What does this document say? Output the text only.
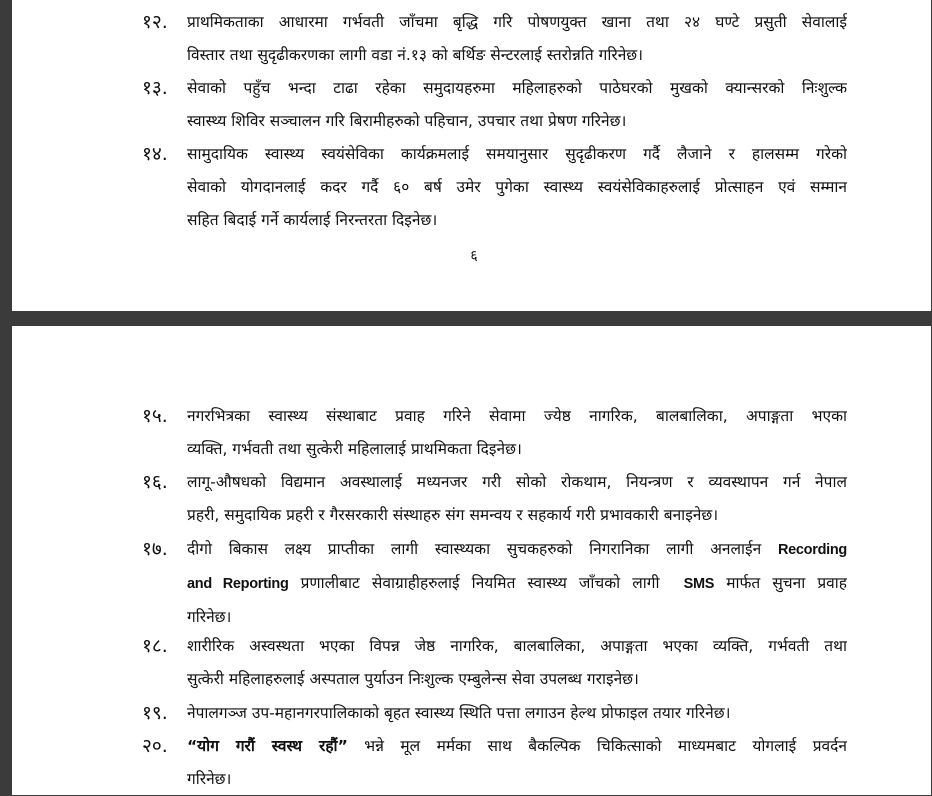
१२. प्राथमिकताका आधारमा गर्भवती जाँचमा बृद्धि गरि पोषणयुक्त खाना तथा २४ घण्टे प्रसुती सेवालाई
विस्तार तथा सुदृढीकरणका लागी वडा नं.१३ को बर्थिङ सेन्टरलाई स्तरोन्नति गरिनेछ।
१३. सेवाको पहुँच भन्दा टाढा रहेका समुदायहरुमा महिलाहरुको पाठेघरको मुखको क्यान्सरको निःशुल्क
स्वास्थ्य शिविर सञ्चालन गरि बिरामीहरुको पहिचान, उपचार तथा प्रेषण गरिनेछ।
१४. सामुदायिक स्वास्थ्य स्वयंसेविका कार्यक्रमलाई समयानुसार सुदृढीकरण गर्दै लैजाने र हालसम्म गरेको
सेवाको योगदानलाई कदर गर्दै ६० बर्ष उमेर पुगेका स्वास्थ्य स्वयंसेविकाहरुलाई प्रोत्साहन एवं सम्मान
सहित बिदाई गर्ने कार्यलाई निरन्तरता दिइनेछ।
६
१५. नगरभित्रका स्वास्थ्य संस्थाबाट प्रवाह गरिने सेवामा ज्येष्ठ नागरिक, बालबालिका, अपाङ्गता भएका
व्यक्ति, गर्भवती तथा सुत्केरी महिलालाई प्राथमिकता दिइनेछ।
१६. लागू-औषधको विद्यमान अवस्थालाई मध्यनजर गरी सोको रोकथाम, नियन्त्रण र व्यवस्थापन गर्न नेपाल
प्रहरी, समुदायिक प्रहरी र गैरसरकारी संस्थाहरु संग समन्वय र सहकार्य गरी प्रभावकारी बनाइनेछ।
१७. दीगो बिकास लक्ष्य प्राप्तीका लागी स्वास्थ्यका सुचकहरुको निगरानिका लागी अनलाईन Recording
and Reporting प्रणालीबाट सेवाग्राहीहरुलाई नियमित स्वास्थ्य जाँचको लागी SMS मार्फत सुचना प्रवाह
गरिनेछ।
१८. शारीरिक अस्वस्थता भएका विपन्न जेष्ठ नागरिक, बालबालिका, अपाङ्गता भएका व्यक्ति, गर्भवती तथा
सुत्केरी महिलाहरुलाई अस्पताल पुर्याउन निःशुल्क एम्बुलेन्स सेवा उपलब्ध गराइनेछ।
१९. नेपालगञ्ज उप-महानगरपालिकाको बृहत स्वास्थ्य स्थिति पत्ता लगाउन हेल्थ प्रोफाइल तयार गरिनेछ।
२०. “योग गरौं स्वस्थ रहौं” भन्ने मूल मर्मका साथ बैकल्पिक चिकित्साको माध्यमबाट योगलाई प्रवर्दन
गरिनेछ।
